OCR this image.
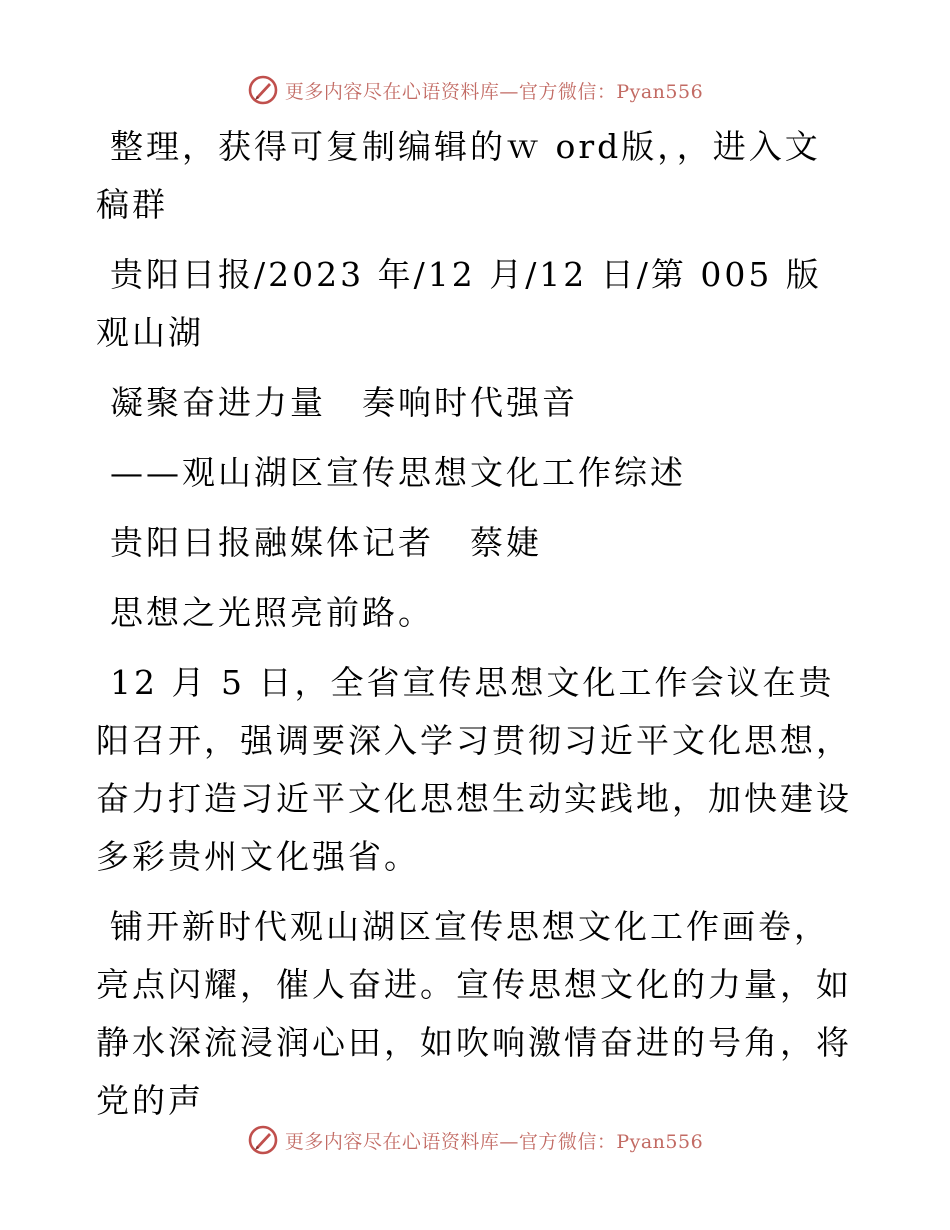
更多内容尽在心语资料库—官方微信：Pyan556

整理，获得可复制编辑的ｗ ord版，，进入文稿群

贵阳日报/2023 年/12 月/12 日/第 005 版观山湖

凝聚奋进力量　奏响时代强音

——观山湖区宣传思想文化工作综述

贵阳日报融媒体记者　蔡婕

思想之光照亮前路。

12 月 5 日，全省宣传思想文化工作会议在贵阳召开，强调要深入学习贯彻习近平文化思想，奋力打造习近平文化思想生动实践地，加快建设多彩贵州文化强省。

铺开新时代观山湖区宣传思想文化工作画卷，亮点闪耀，催人奋进。宣传思想文化的力量，如静水深流浸润心田，如吹响激情奋进的号角，将党的声

更多内容尽在心语资料库—官方微信：Pyan556
